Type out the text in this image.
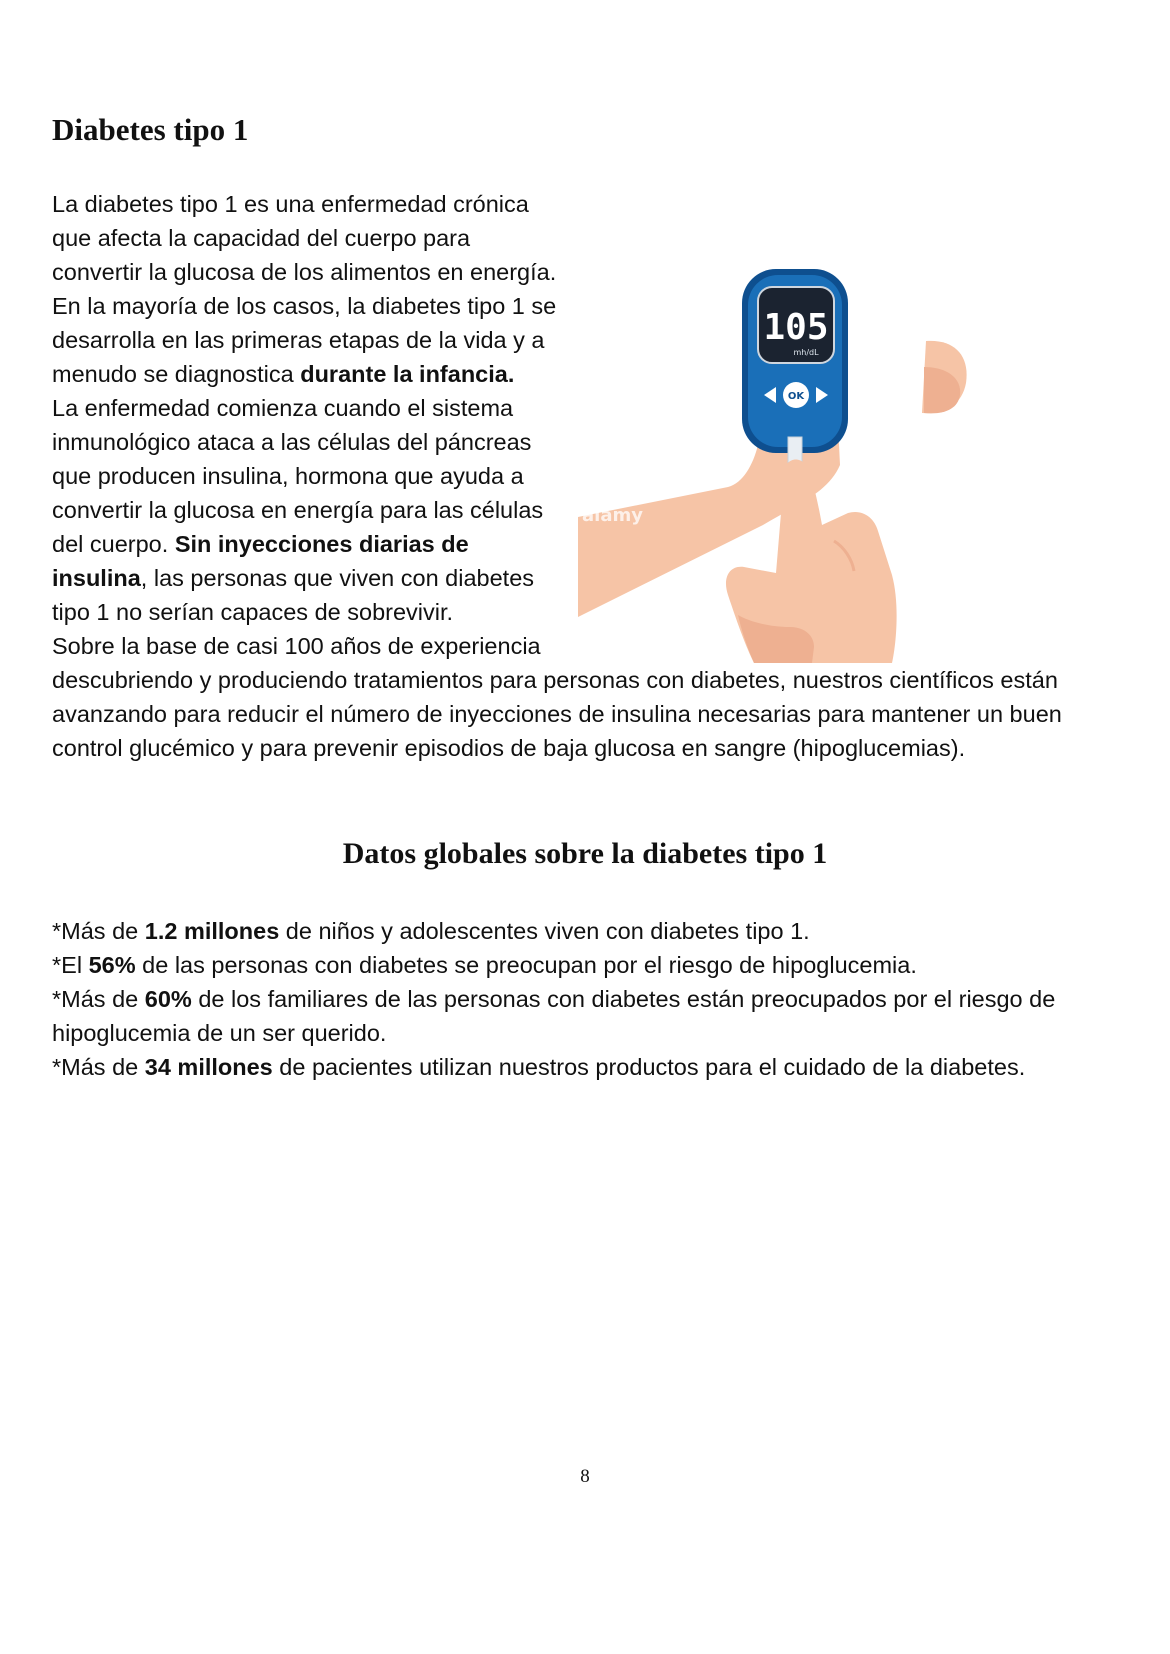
Diabetes tipo 1
105
mh/dL
OK
alamy

La diabetes tipo 1 es una enfermedad crónica que afecta la capacidad del cuerpo para convertir la glucosa de los alimentos en energía. En la mayoría de los casos, la diabetes tipo 1 se desarrolla en las primeras etapas de la vida y a menudo se diagnostica durante la infancia.
La enfermedad comienza cuando el sistema inmunológico ataca a las células del páncreas que producen insulina, hormona que ayuda a convertir la glucosa en energía para las células del cuerpo. Sin inyecciones diarias de insulina, las personas que viven con diabetes tipo 1 no serían capaces de sobrevivir.
Sobre la base de casi 100 años de experiencia descubriendo y produciendo tratamientos para personas con diabetes, nuestros científicos están avanzando para reducir el número de inyecciones de insulina necesarias para mantener un buen control glucémico y para prevenir episodios de baja glucosa en sangre (hipoglucemias).

Datos globales sobre la diabetes tipo 1
*Más de 1.2 millones de niños y adolescentes viven con diabetes tipo 1.
*El 56% de las personas con diabetes se preocupan por el riesgo de hipoglucemia.
*Más de 60% de los familiares de las personas con diabetes están preocupados por el riesgo de hipoglucemia de un ser querido.
*Más de 34 millones de pacientes utilizan nuestros productos para el cuidado de la diabetes.
8
